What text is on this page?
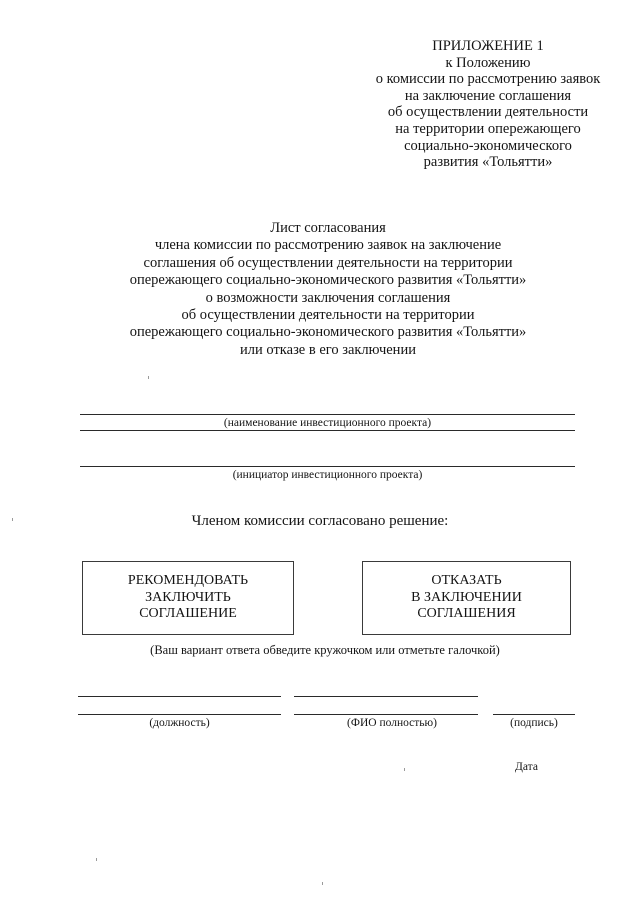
ПРИЛОЖЕНИЕ 1
к Положению
о комиссии по рассмотрению заявок
на заключение соглашения
об осуществлении деятельности
на территории опережающего
социально-экономического
развития «Тольятти»
Лист согласования
члена комиссии по рассмотрению заявок на заключение
соглашения об осуществлении деятельности на территории
опережающего социально-экономического развития «Тольятти»
о возможности заключения соглашения
об осуществлении деятельности на территории
опережающего социально-экономического развития «Тольятти»
или отказе в его заключении
(наименование инвестиционного проекта)
(инициатор инвестиционного проекта)
Членом комиссии согласовано решение:
РЕКОМЕНДОВАТЬ
ЗАКЛЮЧИТЬ
СОГЛАШЕНИЕ
ОТКАЗАТЬ
В ЗАКЛЮЧЕНИИ
СОГЛАШЕНИЯ
(Ваш вариант ответа обведите кружочком или отметьте галочкой)
(должность)	(ФИО полностью)	(подпись)
Дата
